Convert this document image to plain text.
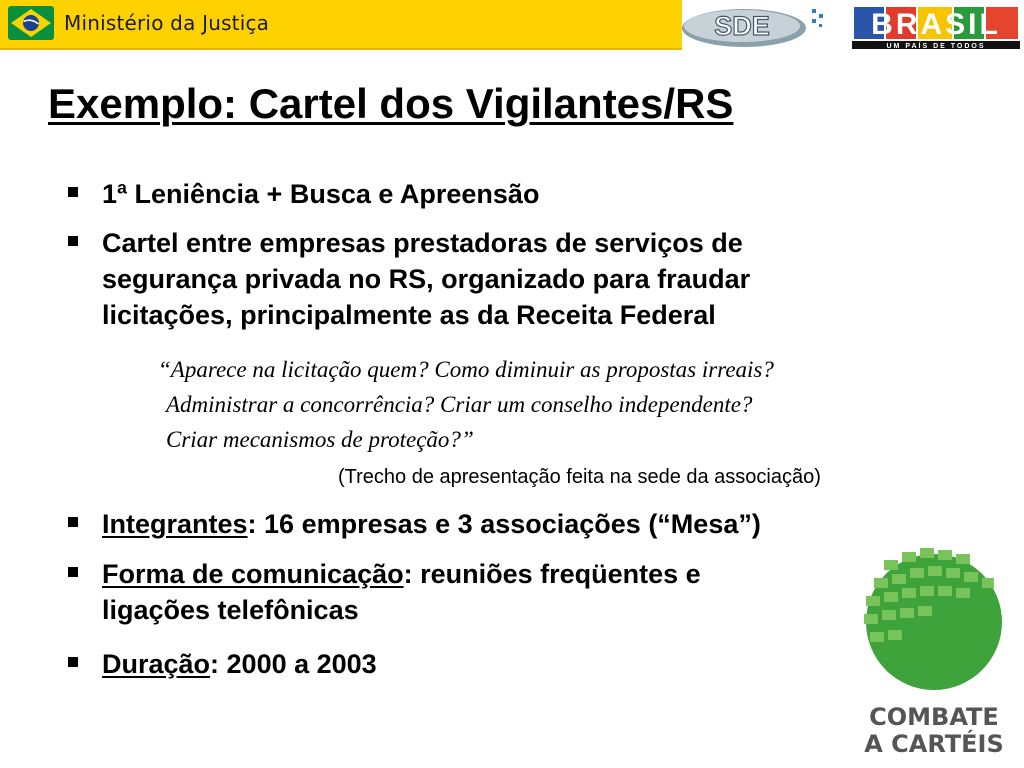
Ministério da Justiça	SDE	BRASIL
UM PAÍS DE TODOS
Exemplo: Cartel dos Vigilantes/RS
1ª Leniência + Busca e Apreensão
Cartel entre empresas prestadoras de serviços de
segurança privada no RS, organizado para fraudar
licitações, principalmente as da Receita Federal
“Aparece na licitação quem? Como diminuir as propostas irreais?
Administrar a concorrência? Criar um conselho independente?
Criar mecanismos de proteção?”
(Trecho de apresentação feita na sede da associação)
Integrantes: 16 empresas e 3 associações (“Mesa”)
Forma de comunicação: reuniões freqüentes e
ligações telefônicas
Duração: 2000 a 2003
COMBATE
A CARTÉIS
